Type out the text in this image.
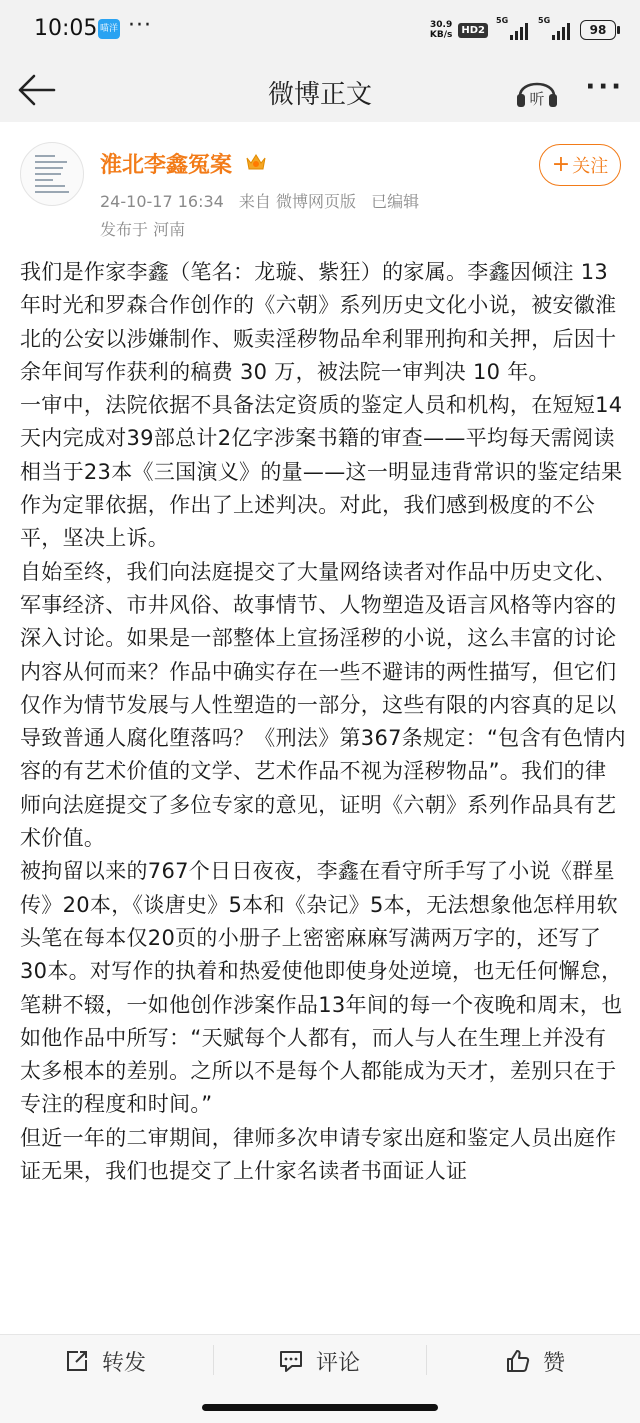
10:05 喵洋 ···	30.9
KB/s HD2
5G	5G
98
微博正文	听 ···
淮北李鑫冤案	+ 关注
24-10-17 16:34 来自 微博网页版 已编辑
发布于 河南

我们是作家李鑫（笔名：龙璇、紫狂）的家属。李鑫因倾注 13 年时光和罗森合作创作的《六朝》系列历史文化小说，被安徽淮北的公安以涉嫌制作、贩卖淫秽物品牟利罪刑拘和关押，后因十余年间写作获利的稿费 30 万，被法院一审判决 10 年。

一审中，法院依据不具备法定资质的鉴定人员和机构，在短短14天内完成对39部总计2亿字涉案书籍的审查——平均每天需阅读相当于23本《三国演义》的量——这一明显违背常识的鉴定结果作为定罪依据，作出了上述判决。对此，我们感到极度的不公平，坚决上诉。

自始至终，我们向法庭提交了大量网络读者对作品中历史文化、军事经济、市井风俗、故事情节、人物塑造及语言风格等内容的深入讨论。如果是一部整体上宣扬淫秽的小说，这么丰富的讨论内容从何而来？作品中确实存在一些不避讳的两性描写，但它们仅作为情节发展与人性塑造的一部分，这些有限的内容真的足以导致普通人腐化堕落吗？《刑法》第367条规定：“包含有色情内容的有艺术价值的文学、艺术作品不视为淫秽物品”。我们的律师向法庭提交了多位专家的意见，证明《六朝》系列作品具有艺术价值。

被拘留以来的767个日日夜夜，李鑫在看守所手写了小说《群星传》20本，《谈唐史》5本和《杂记》5本，无法想象他怎样用软头笔在每本仅20页的小册子上密密麻麻写满两万字的，还写了30本。对写作的执着和热爱使他即使身处逆境，也无任何懈怠，笔耕不辍，一如他创作涉案作品13年间的每一个夜晚和周末，也如他作品中所写：“天赋每个人都有，而人与人在生理上并没有太多根本的差别。之所以不是每个人都能成为天才，差别只在于专注的程度和时间。”

但近一年的二审期间，律师多次申请专家出庭和鉴定人员出庭作证无果，我们也提交了上什家名读者书面证人证

转发	评论	赞
